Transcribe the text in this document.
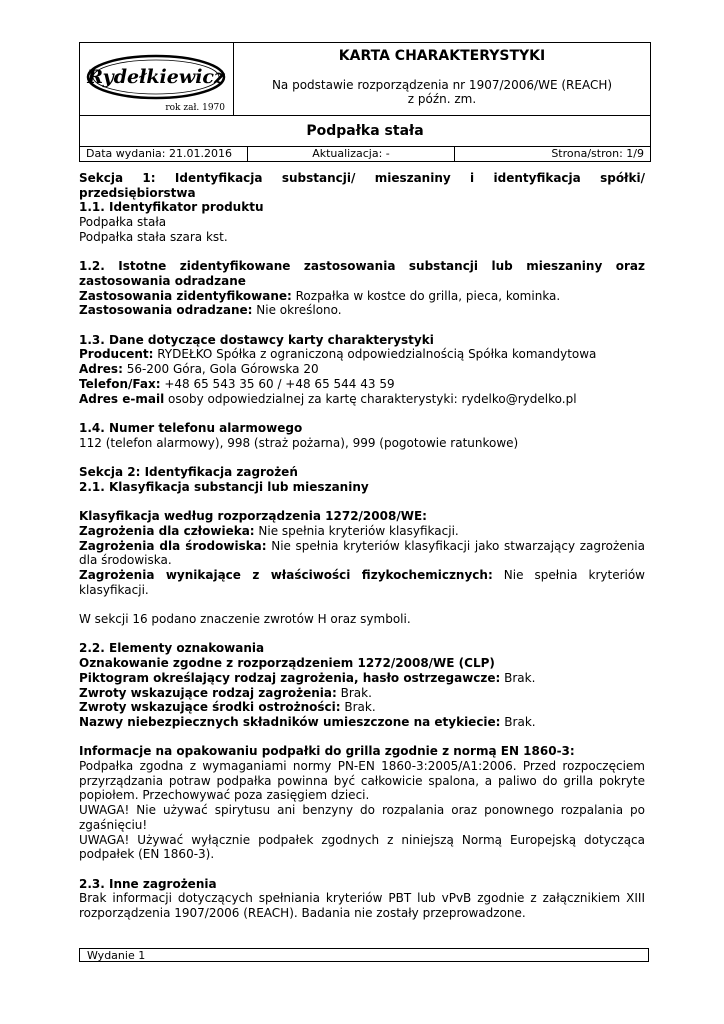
Rydełkiewicz
rok zał. 1970
KARTA CHARAKTERYSTYKI
Na podstawie rozporządzenia nr 1907/2006/WE (REACH)
z późn. zm.
Podpałka stała
Data wydania: 21.01.2016	Aktualizacja: -	Strona/stron: 1/9

Sekcja 1: Identyfikacja substancji/ mieszaniny i identyfikacja spółki/ przedsiębiorstwa

1.1. Identyfikator produktu

Podpałka stała

Podpałka stała szara kst.

1.2. Istotne zidentyfikowane zastosowania substancji lub mieszaniny oraz zastosowania odradzane

Zastosowania zidentyfikowane: Rozpałka w kostce do grilla, pieca, kominka.

Zastosowania odradzane: Nie określono.

1.3. Dane dotyczące dostawcy karty charakterystyki

Producent: RYDEŁKO Spółka z ograniczoną odpowiedzialnością Spółka komandytowa

Adres: 56-200 Góra, Gola Górowska 20

Telefon/Fax: +48 65 543 35 60 / +48 65 544 43 59

Adres e-mail osoby odpowiedzialnej za kartę charakterystyki: rydelko@rydelko.pl

1.4. Numer telefonu alarmowego

112 (telefon alarmowy), 998 (straż pożarna), 999 (pogotowie ratunkowe)

Sekcja 2: Identyfikacja zagrożeń

2.1. Klasyfikacja substancji lub mieszaniny

Klasyfikacja według rozporządzenia 1272/2008/WE:

Zagrożenia dla człowieka: Nie spełnia kryteriów klasyfikacji.

Zagrożenia dla środowiska: Nie spełnia kryteriów klasyfikacji jako stwarzający zagrożenia dla środowiska.

Zagrożenia wynikające z właściwości fizykochemicznych: Nie spełnia kryteriów klasyfikacji.

W sekcji 16 podano znaczenie zwrotów H oraz symboli.

2.2. Elementy oznakowania

Oznakowanie zgodne z rozporządzeniem 1272/2008/WE (CLP)

Piktogram określający rodzaj zagrożenia, hasło ostrzegawcze: Brak.

Zwroty wskazujące rodzaj zagrożenia: Brak.

Zwroty wskazujące środki ostrożności: Brak.

Nazwy niebezpiecznych składników umieszczone na etykiecie: Brak.

Informacje na opakowaniu podpałki do grilla zgodnie z normą EN 1860-3:

Podpałka zgodna z wymaganiami normy PN-EN 1860-3:2005/A1:2006. Przed rozpoczęciem przyrządzania potraw podpałka powinna być całkowicie spalona, a paliwo do grilla pokryte popiołem. Przechowywać poza zasięgiem dzieci.

UWAGA! Nie używać spirytusu ani benzyny do rozpalania oraz ponownego rozpalania po zgaśnięciu!

UWAGA! Używać wyłącznie podpałek zgodnych z niniejszą Normą Europejską dotycząca podpałek (EN 1860-3).

2.3. Inne zagrożenia

Brak informacji dotyczących spełniania kryteriów PBT lub vPvB zgodnie z załącznikiem XIII rozporządzenia 1907/2006 (REACH). Badania nie zostały przeprowadzone.

Wydanie 1
